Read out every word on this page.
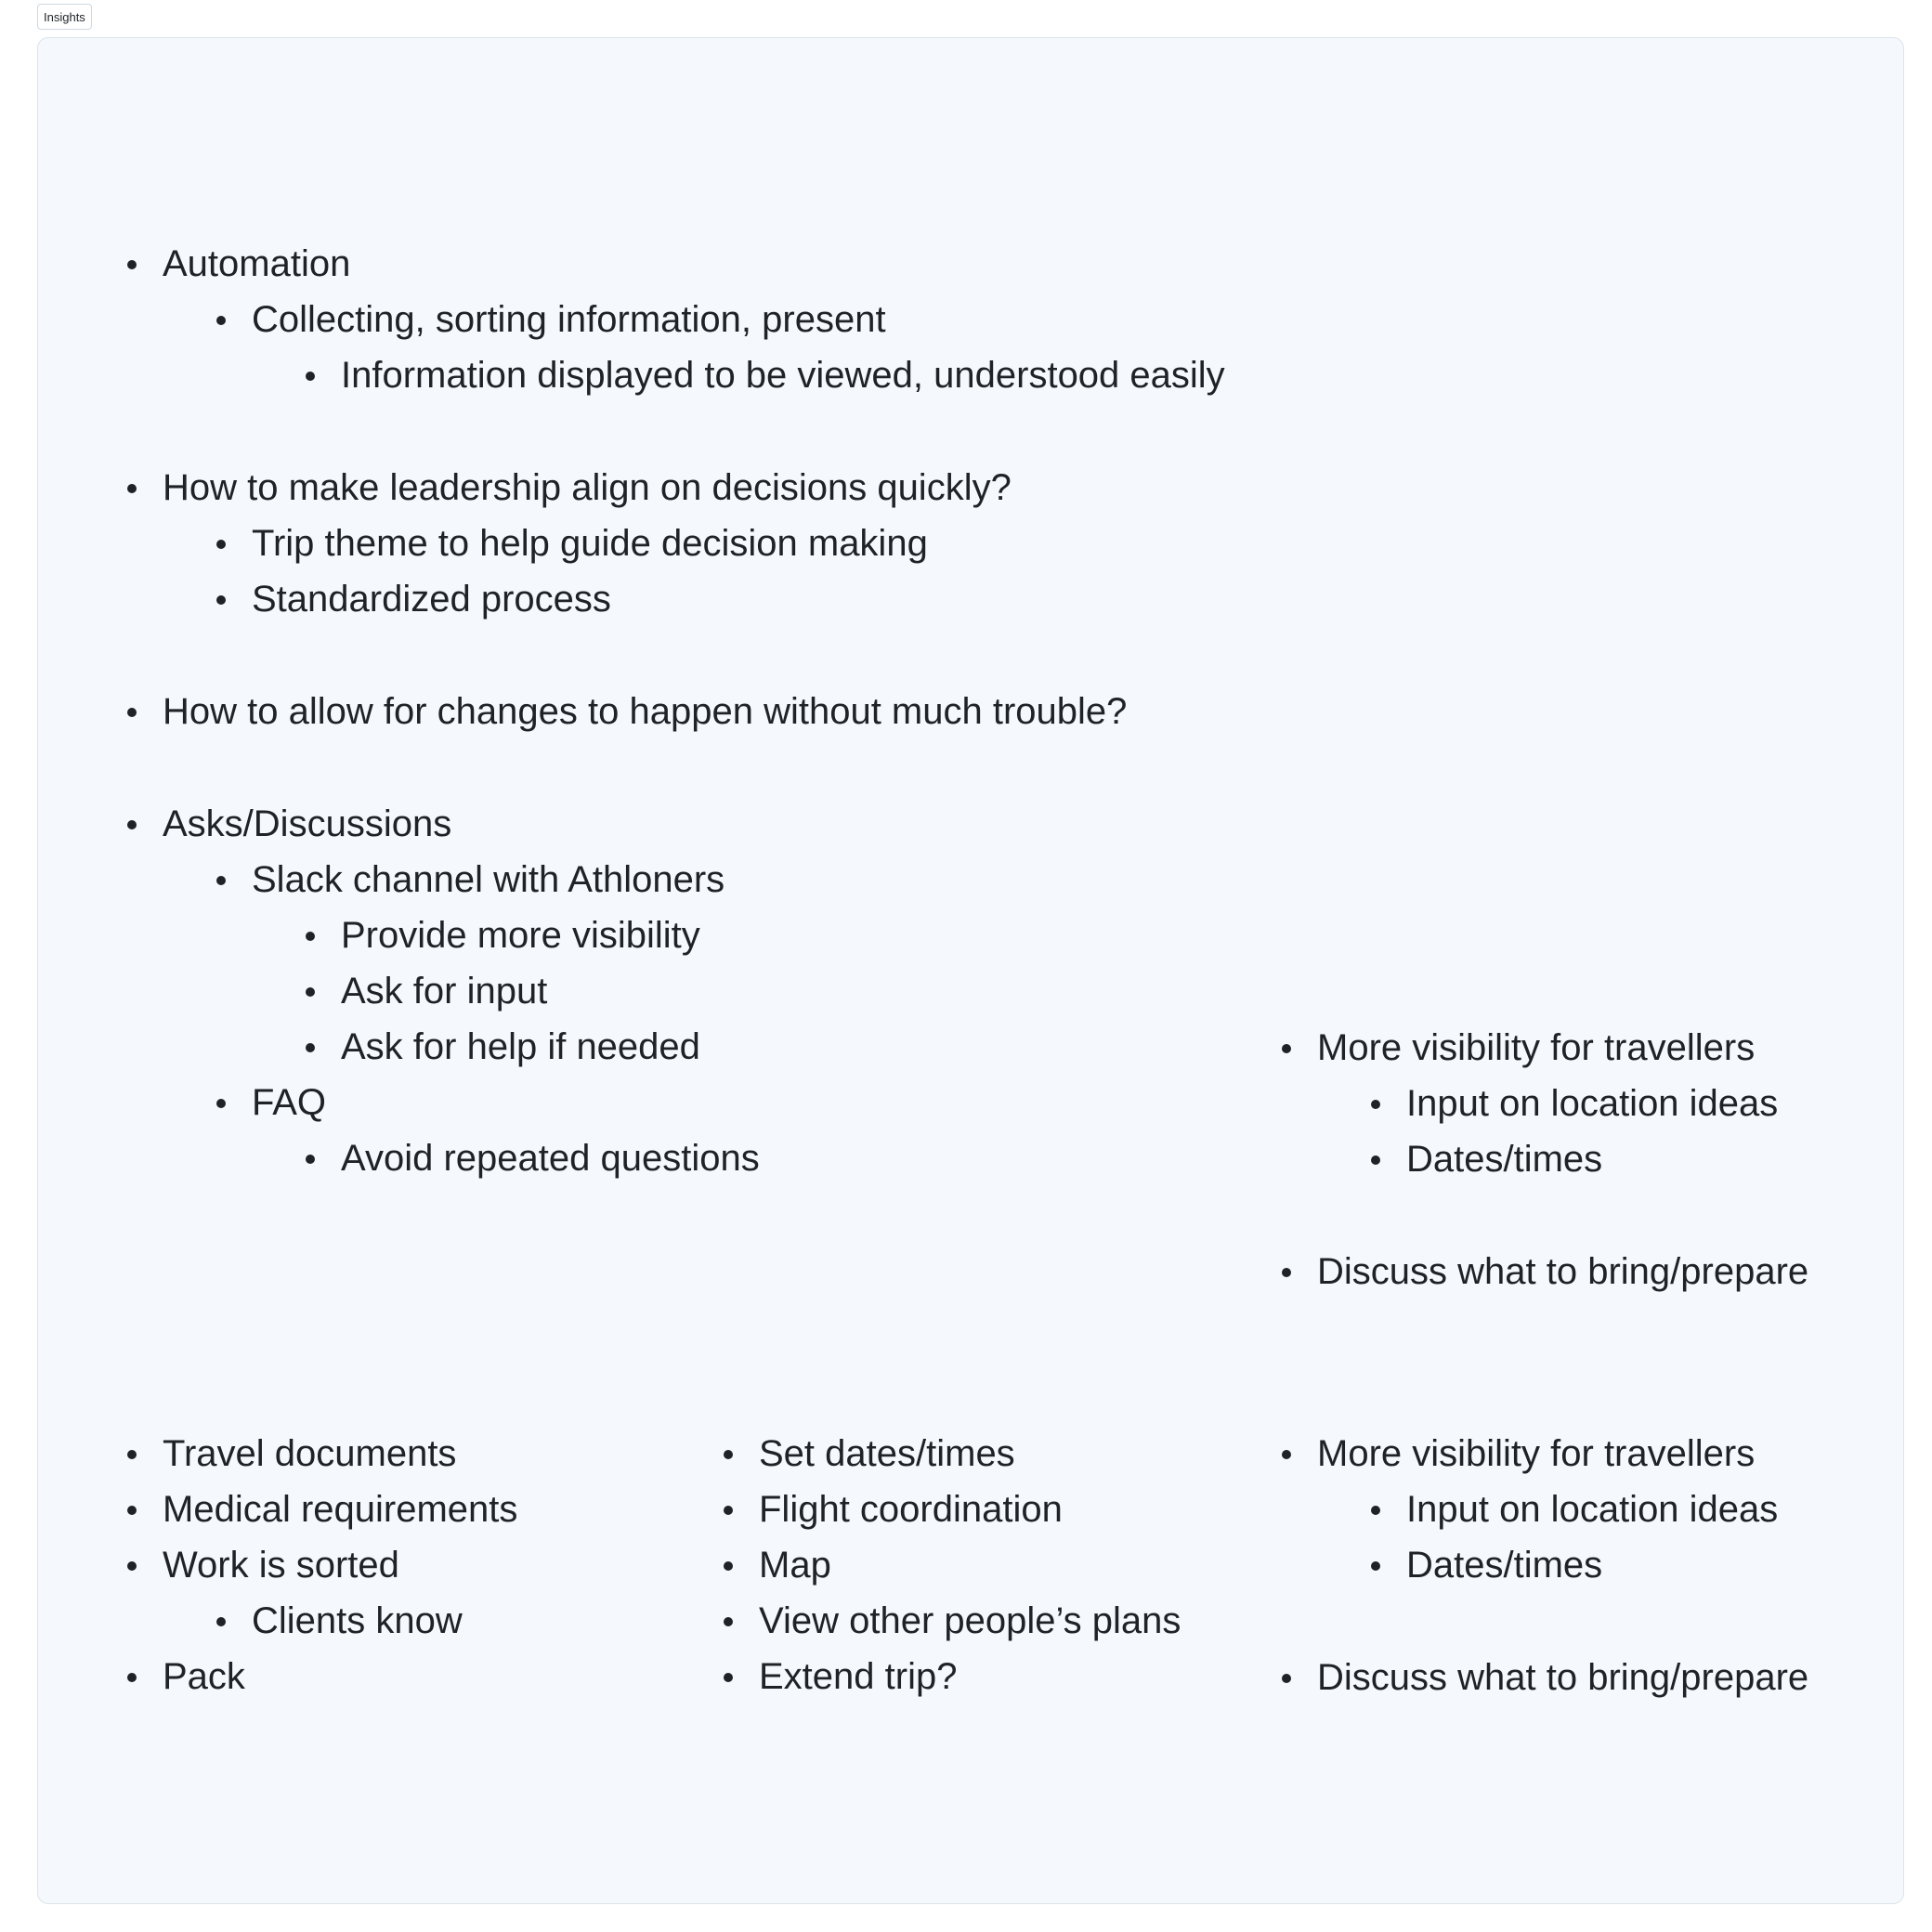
Insights
Automation
Collecting, sorting information, present
Information displayed to be viewed, understood easily
How to make leadership align on decisions quickly?
Trip theme to help guide decision making
Standardized process
How to allow for changes to happen without much trouble?
Asks/Discussions
Slack channel with Athloners
Provide more visibility
Ask for input
Ask for help if needed
FAQ
Avoid repeated questions
More visibility for travellers
Input on location ideas
Dates/times
Discuss what to bring/prepare
Travel documents
Medical requirements
Work is sorted
Clients know
Pack
Set dates/times
Flight coordination
Map
View other people’s plans
Extend trip?
More visibility for travellers
Input on location ideas
Dates/times
Discuss what to bring/prepare
